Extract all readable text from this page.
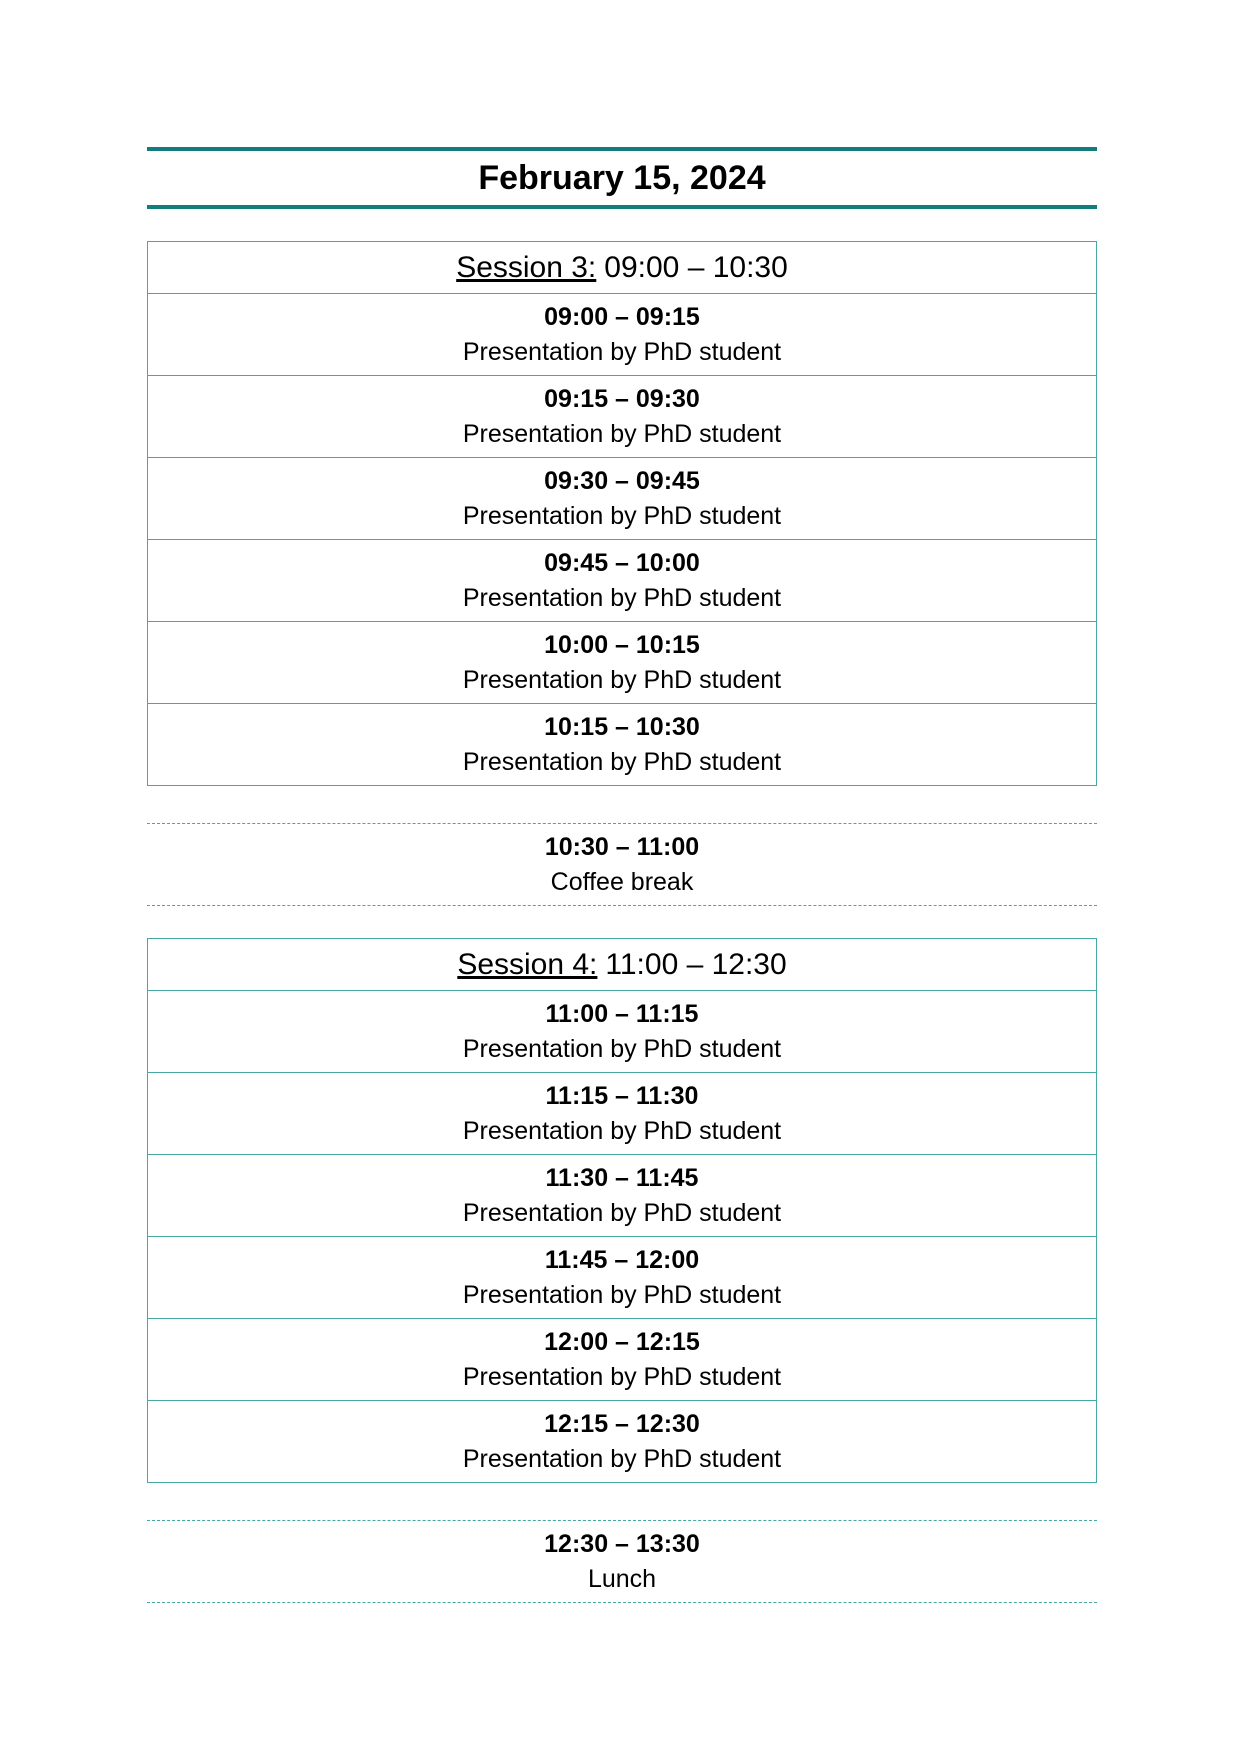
February 15, 2024
Session 3: 09:00 – 10:30
09:00 – 09:15
Presentation by PhD student
09:15 – 09:30
Presentation by PhD student
09:30 – 09:45
Presentation by PhD student
09:45 – 10:00
Presentation by PhD student
10:00 – 10:15
Presentation by PhD student
10:15 – 10:30
Presentation by PhD student
10:30 – 11:00
Coffee break
Session 4: 11:00 – 12:30
11:00 – 11:15
Presentation by PhD student
11:15 – 11:30
Presentation by PhD student
11:30 – 11:45
Presentation by PhD student
11:45 – 12:00
Presentation by PhD student
12:00 – 12:15
Presentation by PhD student
12:15 – 12:30
Presentation by PhD student
12:30 – 13:30
Lunch
